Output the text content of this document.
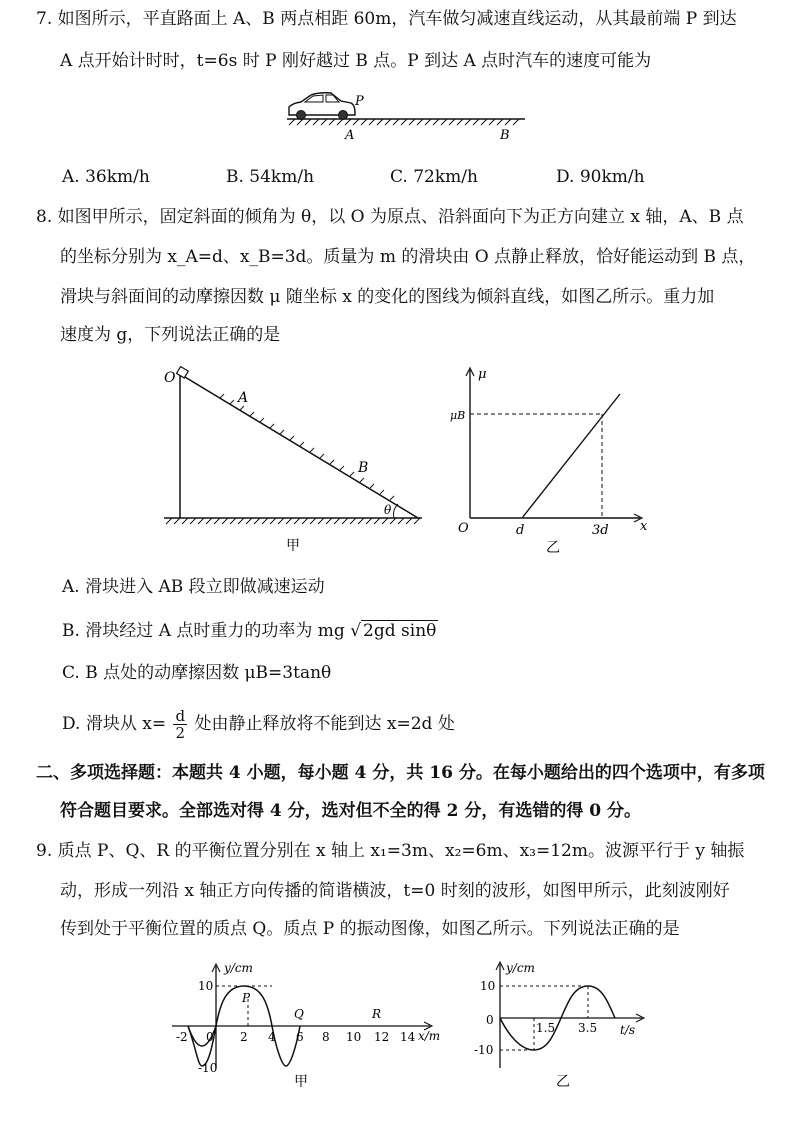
7. 如图所示，平直路面上 A、B 两点相距 60m，汽车做匀减速直线运动，从其最前端 P 到达
A 点开始计时时，t=6s 时 P 刚好越过 B 点。P 到达 A 点时汽车的速度可能为
P
A	B
A. 36km/h	B. 54km/h	C. 72km/h	D. 90km/h
8. 如图甲所示，固定斜面的倾角为 θ，以 O 为原点、沿斜面向下为正方向建立 x 轴，A、B 点
的坐标分别为 x_A=d、x_B=3d。质量为 m 的滑块由 O 点静止释放，恰好能运动到 B 点，
滑块与斜面间的动摩擦因数 μ 随坐标 x 的变化的图线为倾斜直线，如图乙所示。重力加
速度为 g，下列说法正确的是
O
A
B
θ
甲
μ
μB
O	d	3d x
乙
A. 滑块进入 AB 段立即做减速运动
B. 滑块经过 A 点时重力的功率为 mg √ 2gd sinθ
C. B 点处的动摩擦因数 μB=3tanθ
D. 滑块从 $x= \frac{d}{2}$ 处由静止释放将不能到达 x=2d 处
二、多项选择题：本题共 4 小题，每小题 4 分，共 16 分。在每小题给出的四个选项中，有多项
符合题目要求。全部选对得 4 分，选对但不全的得 2 分，有选错的得 0 分。
9. 质点 P、Q、R 的平衡位置分别在 x 轴上 x₁=3m、x₂=6m、x₃=12m。波源平行于 y 轴振
动，形成一列沿 x 轴正方向传播的简谐横波，t=0 时刻的波形，如图甲所示，此刻波刚好
传到处于平衡位置的质点 Q。质点 P 的振动图像，如图乙所示。下列说法正确的是
y/cm
10
-10
P
Q	R
-2 0 2 4 6 8 10 12 14 x/m
甲
y/cm
10
0
-10
1.5 3.5 t/s
乙
